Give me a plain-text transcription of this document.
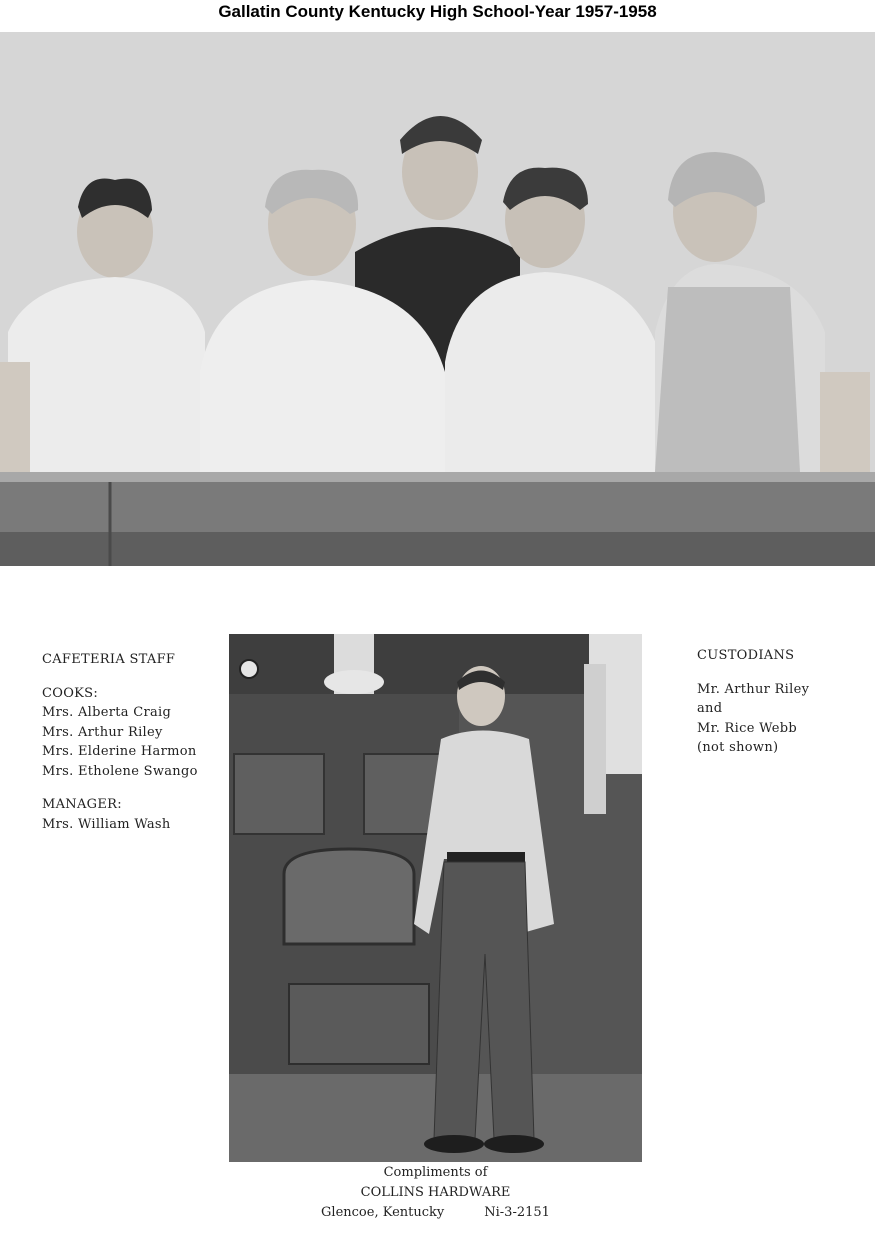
Gallatin County Kentucky High School-Year 1957-1958
CAFETERIA STAFF
COOKS:
Mrs. Alberta Craig
Mrs. Arthur Riley
Mrs. Elderine Harmon
Mrs. Etholene Swango
MANAGER:
Mrs. William Wash
CUSTODIANS
Mr. Arthur Riley
and
Mr. Rice Webb
(not shown)
Compliments of
COLLINS HARDWARE
Glencoe, Kentucky	Ni-3-2151
